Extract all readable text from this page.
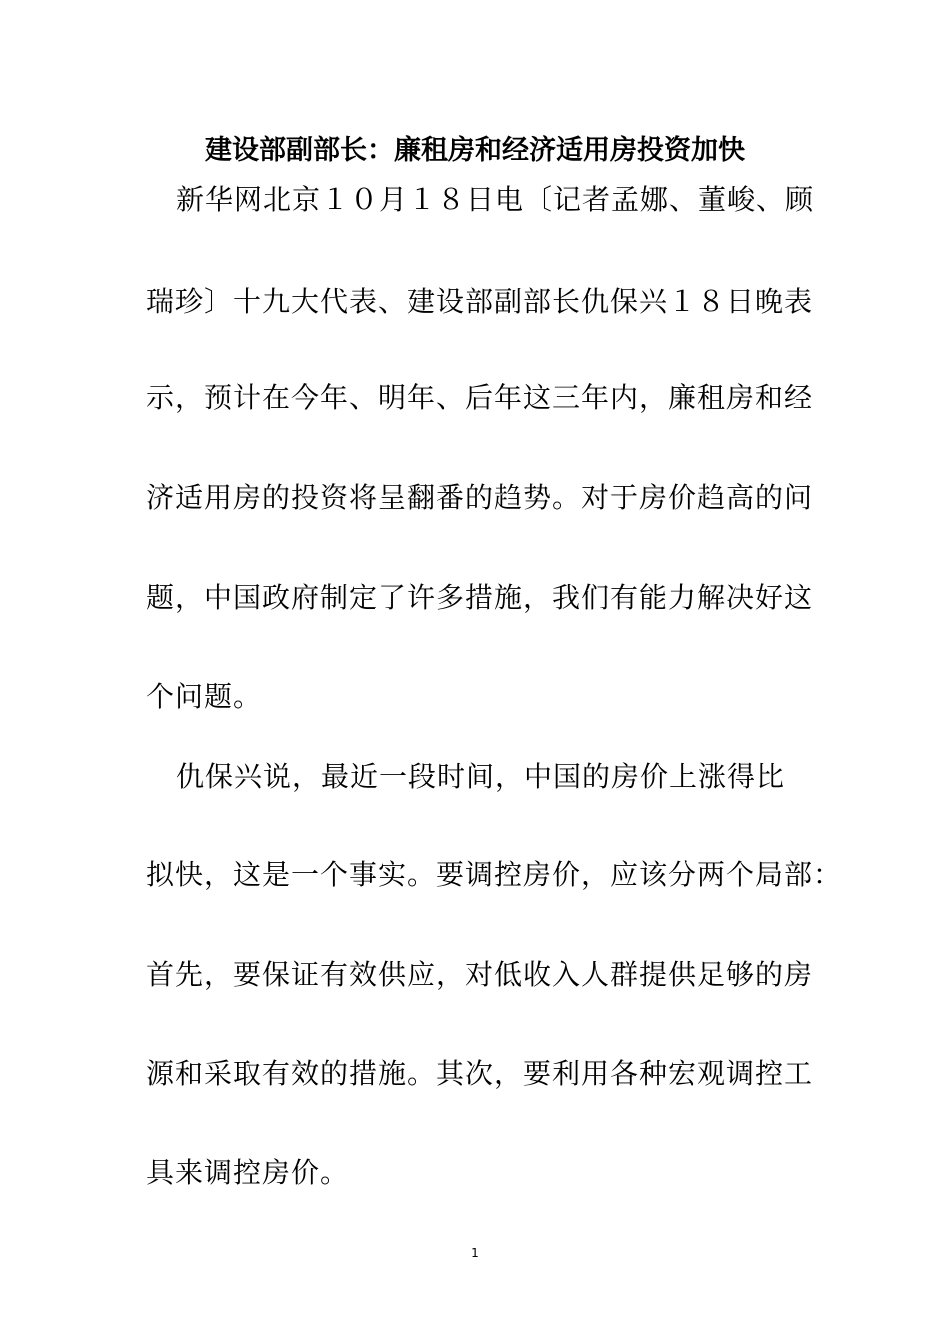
建设部副部长：廉租房和经济适用房投资加快

新华网北京１０月１８日电〔记者孟娜、董峻、顾

瑞珍〕十九大代表、建设部副部长仇保兴１８日晚表

示，预计在今年、明年、后年这三年内，廉租房和经

济适用房的投资将呈翻番的趋势。对于房价趋高的问

题，中国政府制定了许多措施，我们有能力解决好这

个问题。

仇保兴说，最近一段时间，中国的房价上涨得比

拟快，这是一个事实。要调控房价，应该分两个局部：

首先，要保证有效供应，对低收入人群提供足够的房

源和采取有效的措施。其次，要利用各种宏观调控工

具来调控房价。

1
